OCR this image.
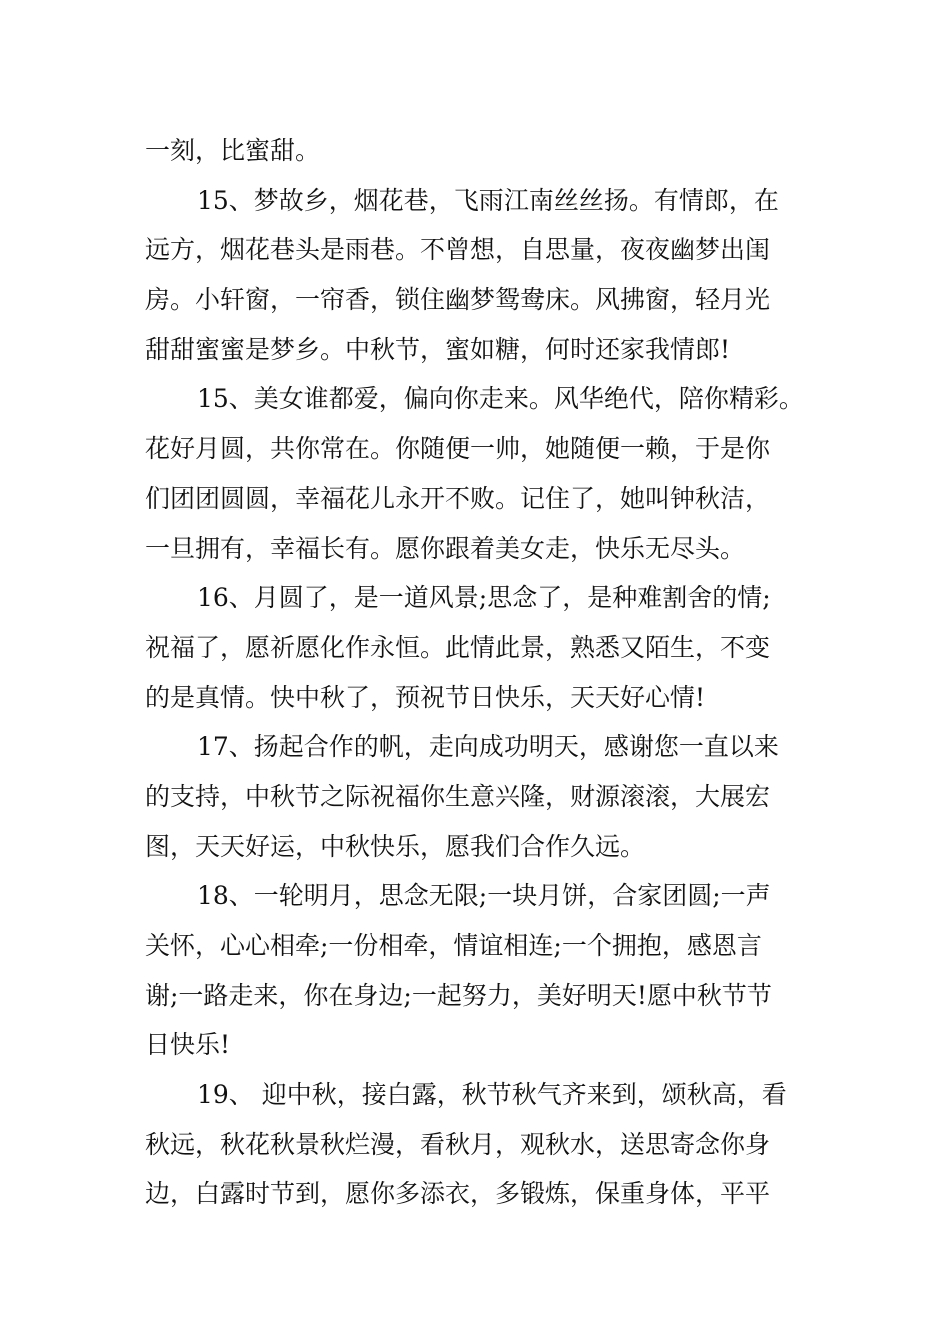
一刻，比蜜甜。
15、梦故乡，烟花巷，飞雨江南丝丝扬。有情郎，在
远方，烟花巷头是雨巷。不曾想，自思量，夜夜幽梦出闺
房。小轩窗，一帘香，锁住幽梦鸳鸯床。风拂窗，轻月光
甜甜蜜蜜是梦乡。中秋节，蜜如糖，何时还家我情郎!
15、美女谁都爱，偏向你走来。风华绝代，陪你精彩。
花好月圆，共你常在。你随便一帅，她随便一赖，于是你
们团团圆圆，幸福花儿永开不败。记住了，她叫钟秋洁，
一旦拥有，幸福长有。愿你跟着美女走，快乐无尽头。
16、月圆了，是一道风景;思念了，是种难割舍的情;
祝福了，愿祈愿化作永恒。此情此景，熟悉又陌生，不变
的是真情。快中秋了，预祝节日快乐，天天好心情!
17、扬起合作的帆，走向成功明天，感谢您一直以来
的支持，中秋节之际祝福你生意兴隆，财源滚滚，大展宏
图，天天好运，中秋快乐，愿我们合作久远。
18、一轮明月，思念无限;一块月饼，合家团圆;一声
关怀，心心相牵;一份相牵，情谊相连;一个拥抱，感恩言
谢;一路走来，你在身边;一起努力，美好明天!愿中秋节节
日快乐!
19、 迎中秋，接白露，秋节秋气齐来到，颂秋高，看
秋远，秋花秋景秋烂漫，看秋月，观秋水，送思寄念你身
边，白露时节到，愿你多添衣，多锻炼，保重身体，平平
